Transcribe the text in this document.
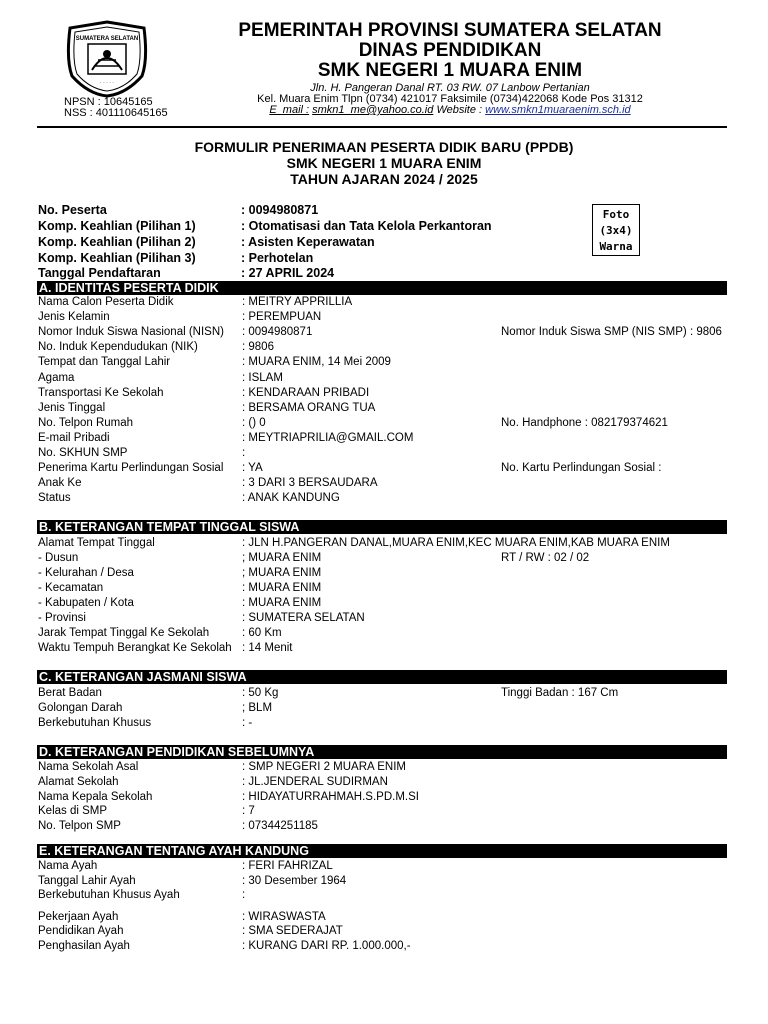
SUMATERA SELATAN
· · · · ·
PEMERINTAH PROVINSI SUMATERA SELATAN
DINAS PENDIDIKAN
SMK NEGERI 1 MUARA ENIM
Jln. H. Pangeran Danal RT. 03 RW. 07 Lanbow Pertanian
Kel. Muara Enim Tlpn (0734) 421017 Faksimile (0734)422068 Kode Pos 31312
E_mail : smkn1_me@yahoo.co.id Website : www.smkn1muaraenim.sch.id
NPSN : 10645165
NSS : 401110645165
FORMULIR PENERIMAAN PESERTA DIDIK BARU (PPDB)
SMK NEGERI 1 MUARA ENIM
TAHUN AJARAN 2024 / 2025
Foto
(3x4)
Warna
No. Peserta	: 0094980871
Komp. Keahlian (Pilihan 1)	: Otomatisasi dan Tata Kelola Perkantoran
Komp. Keahlian (Pilihan 2)	: Asisten Keperawatan
Komp. Keahlian (Pilihan 3)	: Perhotelan
Tanggal Pendaftaran	: 27 APRIL 2024
A. IDENTITAS PESERTA DIDIK
Nama Calon Peserta Didik	: MEITRY APPRILLIA
Jenis Kelamin	: PEREMPUAN
Nomor Induk Siswa Nasional (NISN) : 0094980871	Nomor Induk Siswa SMP (NIS SMP) : 9806
No. Induk Kependudukan (NIK)	: 9806
Tempat dan Tanggal Lahir	: MUARA ENIM, 14 Mei 2009
Agama	: ISLAM
Transportasi Ke Sekolah	: KENDARAAN PRIBADI
Jenis Tinggal	: BERSAMA ORANG TUA
No. Telpon Rumah	: () 0	No. Handphone : 082179374621
E-mail Pribadi	: MEYTRIAPRILIA@GMAIL.COM
No. SKHUN SMP	:
Penerima Kartu Perlindungan Sosial : YA	No. Kartu Perlindungan Sosial :
Anak Ke	: 3 DARI 3 BERSAUDARA
Status	: ANAK KANDUNG
B. KETERANGAN TEMPAT TINGGAL SISWA
Alamat Tempat Tinggal	: JLN H.PANGERAN DANAL,MUARA ENIM,KEC MUARA ENIM,KAB MUARA ENIM
- Dusun	; MUARA ENIM	RT / RW : 02 / 02
- Kelurahan / Desa	; MUARA ENIM
- Kecamatan	: MUARA ENIM
- Kabupaten / Kota	: MUARA ENIM
- Provinsi	: SUMATERA SELATAN
Jarak Tempat Tinggal Ke Sekolah	: 60 Km
Waktu Tempuh Berangkat Ke Sekolah : 14 Menit
C. KETERANGAN JASMANI SISWA
Berat Badan	: 50 Kg	Tinggi Badan : 167 Cm
Golongan Darah	; BLM
Berkebutuhan Khusus	: -
D. KETERANGAN PENDIDIKAN SEBELUMNYA
Nama Sekolah Asal	: SMP NEGERI 2 MUARA ENIM
Alamat Sekolah	: JL.JENDERAL SUDIRMAN
Nama Kepala Sekolah	: HIDAYATURRAHMAH.S.PD.M.SI
Kelas di SMP	: 7
No. Telpon SMP	: 07344251185
E. KETERANGAN TENTANG AYAH KANDUNG
Nama Ayah	: FERI FAHRIZAL
Tanggal Lahir Ayah	: 30 Desember 1964
Berkebutuhan Khusus Ayah	:
Pekerjaan Ayah	: WIRASWASTA
Pendidikan Ayah	: SMA SEDERAJAT
Penghasilan Ayah	: KURANG DARI RP. 1.000.000,-
